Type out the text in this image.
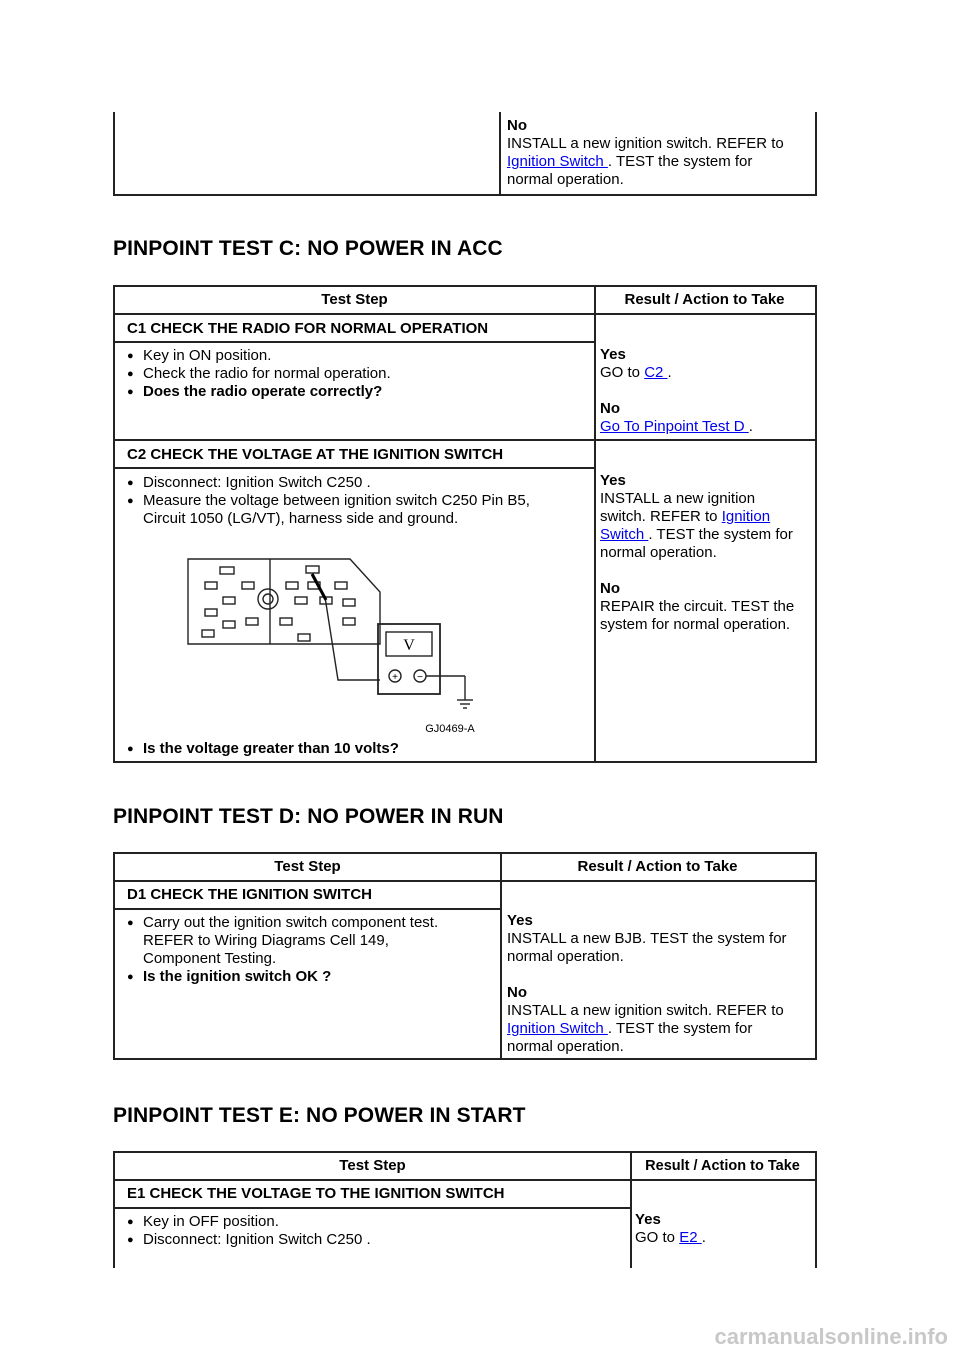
No
INSTALL a new ignition switch. REFER to
Ignition Switch . TEST the system for
normal operation.
PINPOINT TEST C: NO POWER IN ACC
Test Step	Result / Action to Take
C1 CHECK THE RADIO FOR NORMAL OPERATION
● Key in ON position.
● Check the radio for normal operation.
● Does the radio operate correctly?
Yes
GO to C2 .
No
Go To Pinpoint Test D .
C2 CHECK THE VOLTAGE AT THE IGNITION SWITCH
● Disconnect: Ignition Switch C250 .
● Measure the voltage between ignition switch C250 Pin B5,
Circuit 1050 (LG/VT), harness side and ground.
V
+ −
GJ0469-A
● Is the voltage greater than 10 volts?
Yes
INSTALL a new ignition
switch. REFER to Ignition
Switch . TEST the system for
normal operation.
No
REPAIR the circuit. TEST the
system for normal operation.
PINPOINT TEST D: NO POWER IN RUN
Test Step	Result / Action to Take
D1 CHECK THE IGNITION SWITCH
● Carry out the ignition switch component test.
REFER to Wiring Diagrams Cell 149,
Component Testing.
● Is the ignition switch OK ?
Yes
INSTALL a new BJB. TEST the system for
normal operation.
No
INSTALL a new ignition switch. REFER to
Ignition Switch . TEST the system for
normal operation.
PINPOINT TEST E: NO POWER IN START
Test Step	Result / Action to Take
E1 CHECK THE VOLTAGE TO THE IGNITION SWITCH
● Key in OFF position.
● Disconnect: Ignition Switch C250 .
Yes
GO to E2 .
carmanualsonline.info
